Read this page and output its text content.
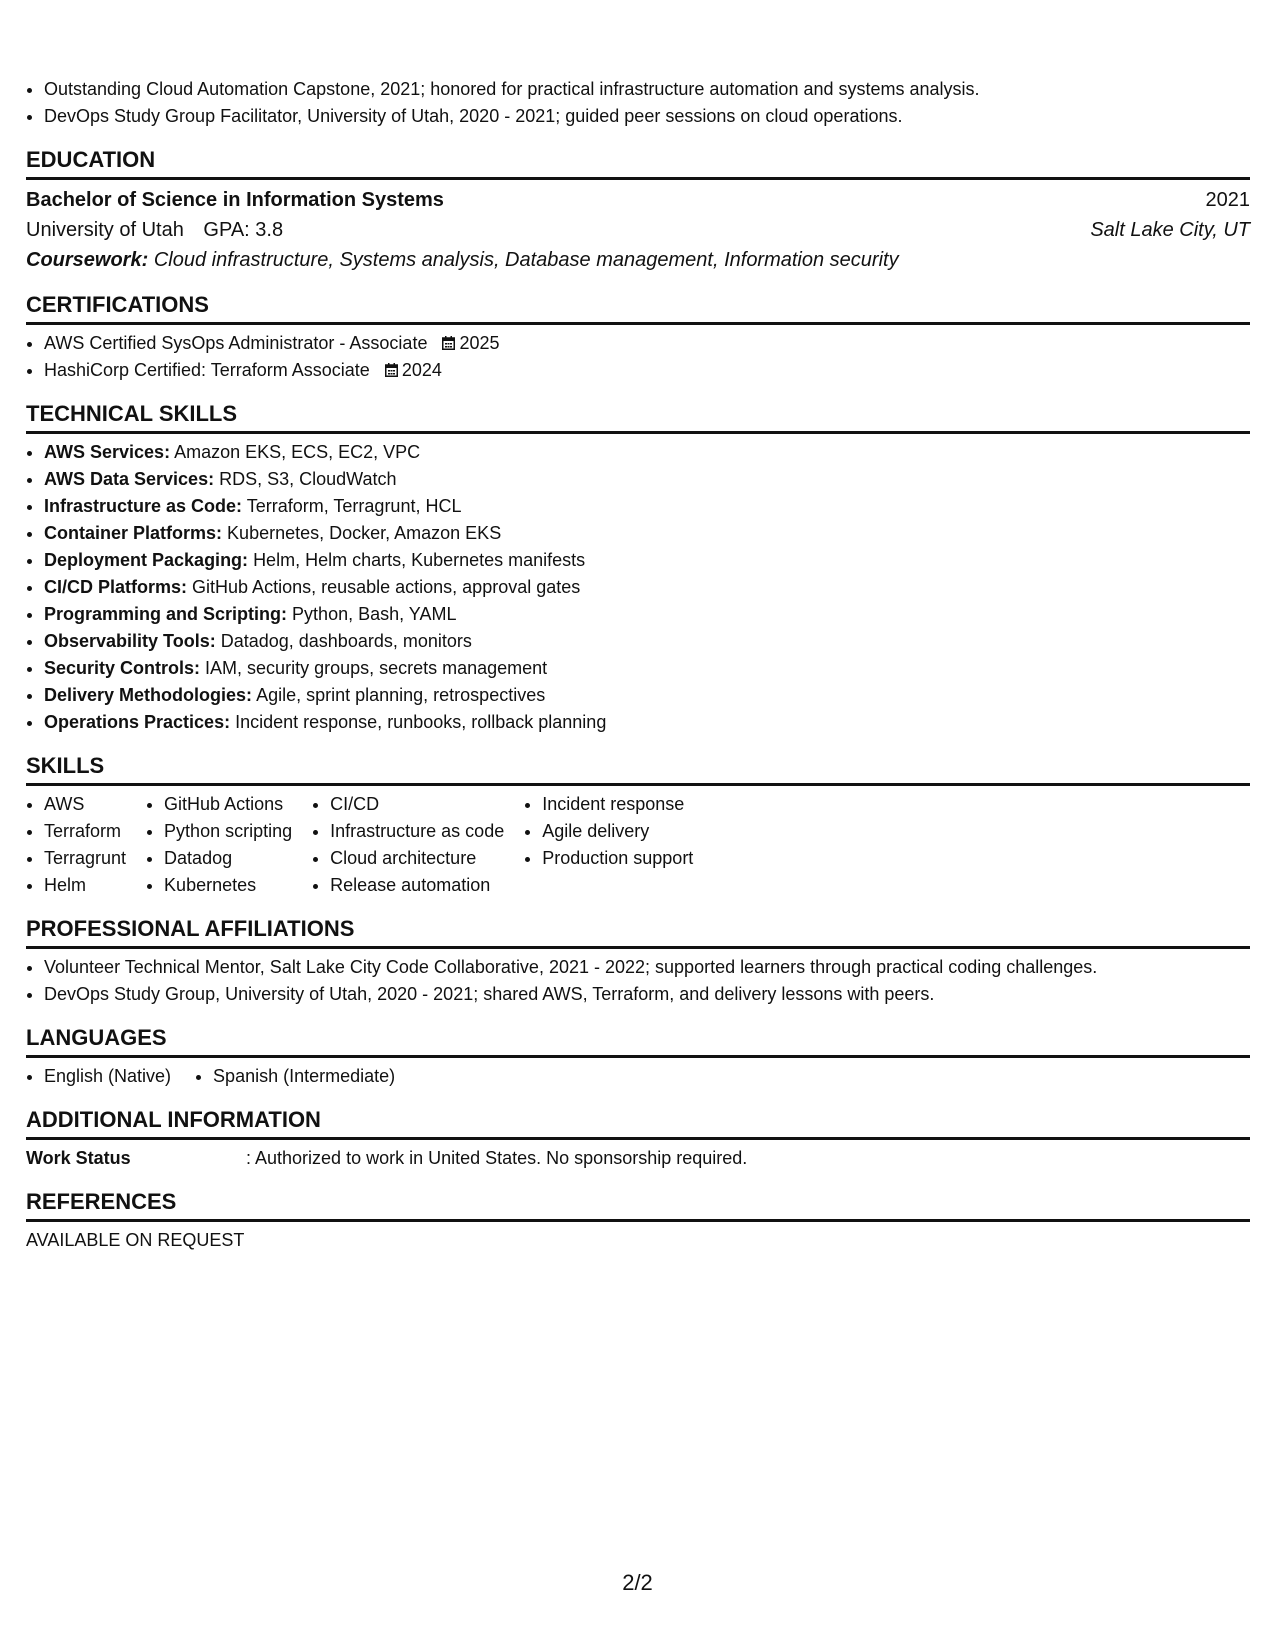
• Outstanding Cloud Automation Capstone, 2021; honored for practical infrastructure automation and systems analysis.
• DevOps Study Group Facilitator, University of Utah, 2020 - 2021; guided peer sessions on cloud operations.
EDUCATION
Bachelor of Science in Information Systems	2021
University of Utah GPA: 3.8	Salt Lake City, UT
Coursework: Cloud infrastructure, Systems analysis, Database management, Information security
CERTIFICATIONS
• AWS Certified SysOps Administrator - Associate 2025
• HashiCorp Certified: Terraform Associate 2024
TECHNICAL SKILLS
• AWS Services: Amazon EKS, ECS, EC2, VPC
• AWS Data Services: RDS, S3, CloudWatch
• Infrastructure as Code: Terraform, Terragrunt, HCL
• Container Platforms: Kubernetes, Docker, Amazon EKS
• Deployment Packaging: Helm, Helm charts, Kubernetes manifests
• CI/CD Platforms: GitHub Actions, reusable actions, approval gates
• Programming and Scripting: Python, Bash, YAML
• Observability Tools: Datadog, dashboards, monitors
• Security Controls: IAM, security groups, secrets management
• Delivery Methodologies: Agile, sprint planning, retrospectives
• Operations Practices: Incident response, runbooks, rollback planning
SKILLS
• AWS
• Terraform
• Terragrunt
• Helm
• GitHub Actions
• Python scripting
• Datadog
• Kubernetes
• CI/CD
• Infrastructure as code
• Cloud architecture
• Release automation
• Incident response
• Agile delivery
• Production support
PROFESSIONAL AFFILIATIONS
• Volunteer Technical Mentor, Salt Lake City Code Collaborative, 2021 - 2022; supported learners through practical coding challenges.
• DevOps Study Group, University of Utah, 2020 - 2021; shared AWS, Terraform, and delivery lessons with peers.
LANGUAGES
• English (Native)
• Spanish (Intermediate)
ADDITIONAL INFORMATION
Work Status	: Authorized to work in United States. No sponsorship required.
REFERENCES
AVAILABLE ON REQUEST
2/2
